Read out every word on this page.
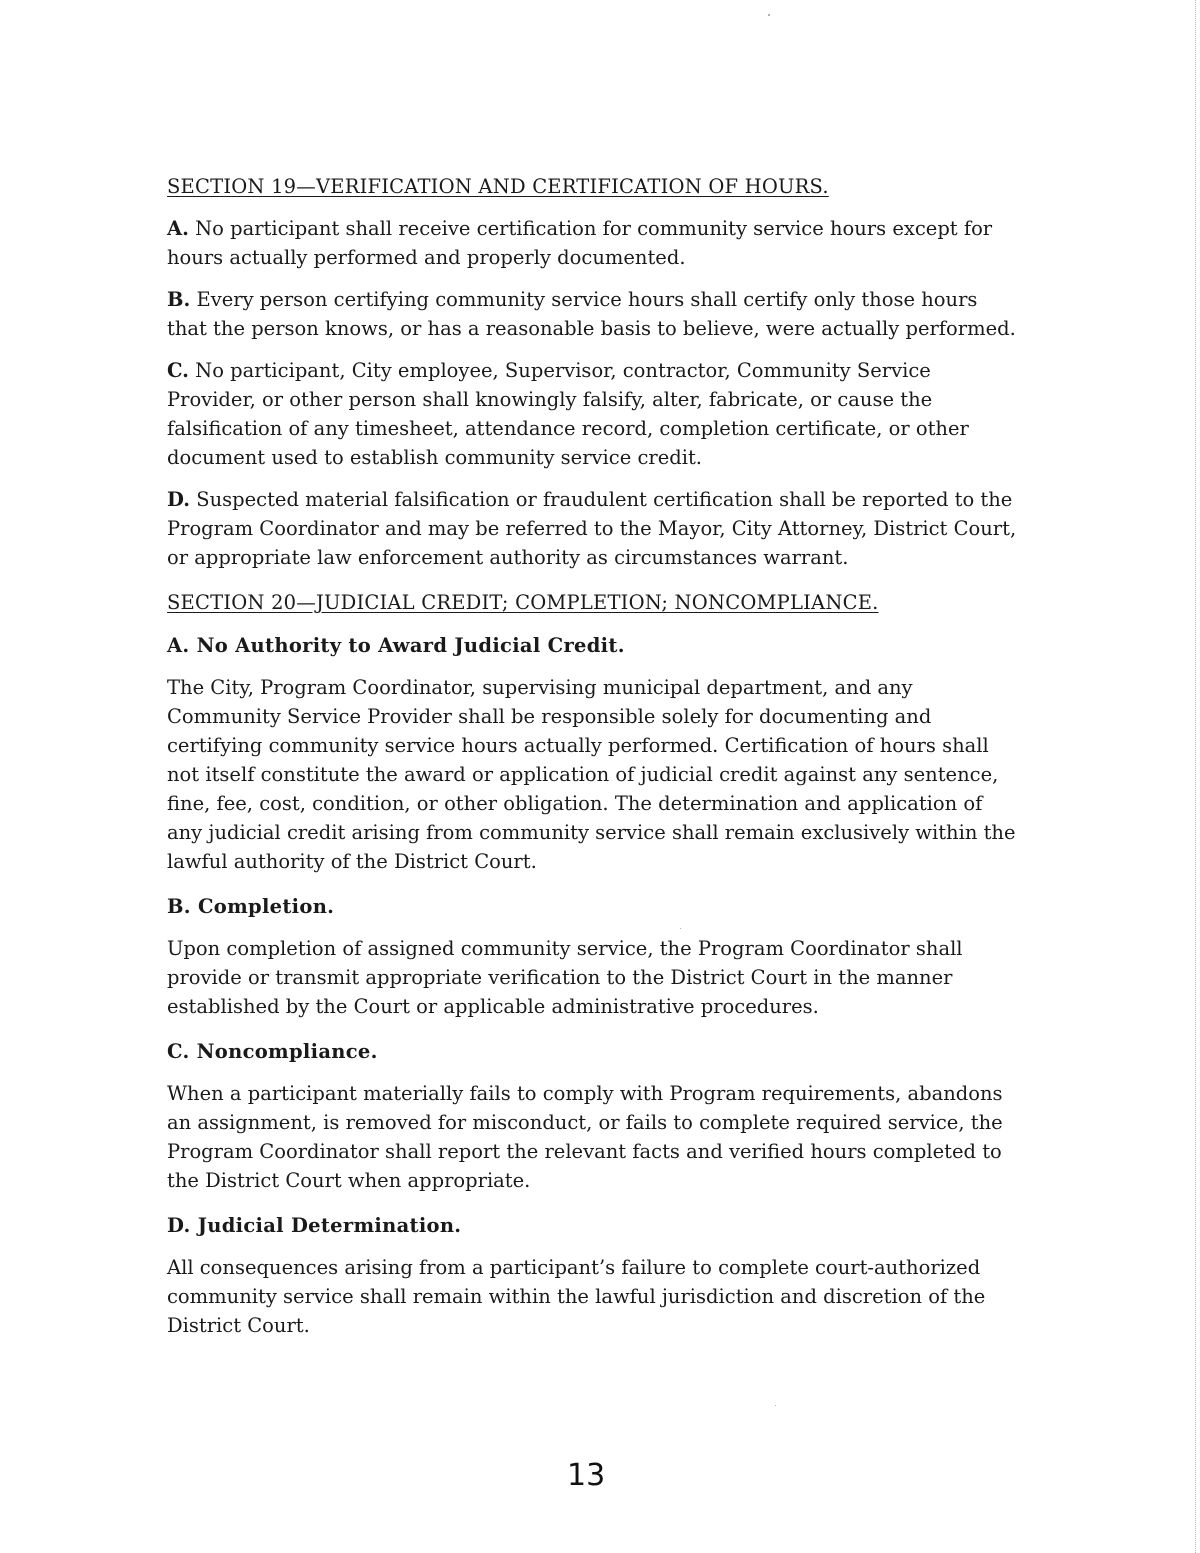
SECTION 19—VERIFICATION AND CERTIFICATION OF HOURS.

A. No participant shall receive certification for community service hours except for hours actually performed and properly documented.

B. Every person certifying community service hours shall certify only those hours that the person knows, or has a reasonable basis to believe, were actually performed.

C. No participant, City employee, Supervisor, contractor, Community Service Provider, or other person shall knowingly falsify, alter, fabricate, or cause the falsification of any timesheet, attendance record, completion certificate, or other document used to establish community service credit.

D. Suspected material falsification or fraudulent certification shall be reported to the Program Coordinator and may be referred to the Mayor, City Attorney, District Court, or appropriate law enforcement authority as circumstances warrant.

SECTION 20—JUDICIAL CREDIT; COMPLETION; NONCOMPLIANCE.
A. No Authority to Award Judicial Credit.

The City, Program Coordinator, supervising municipal department, and any Community Service Provider shall be responsible solely for documenting and certifying community service hours actually performed. Certification of hours shall not itself constitute the award or application of judicial credit against any sentence, fine, fee, cost, condition, or other obligation. The determination and application of any judicial credit arising from community service shall remain exclusively within the lawful authority of the District Court.

B. Completion.

Upon completion of assigned community service, the Program Coordinator shall provide or transmit appropriate verification to the District Court in the manner established by the Court or applicable administrative procedures.

C. Noncompliance.

When a participant materially fails to comply with Program requirements, abandons an assignment, is removed for misconduct, or fails to complete required service, the Program Coordinator shall report the relevant facts and verified hours completed to the District Court when appropriate.

D. Judicial Determination.

All consequences arising from a participant’s failure to complete court-authorized community service shall remain within the lawful jurisdiction and discretion of the District Court.

13
